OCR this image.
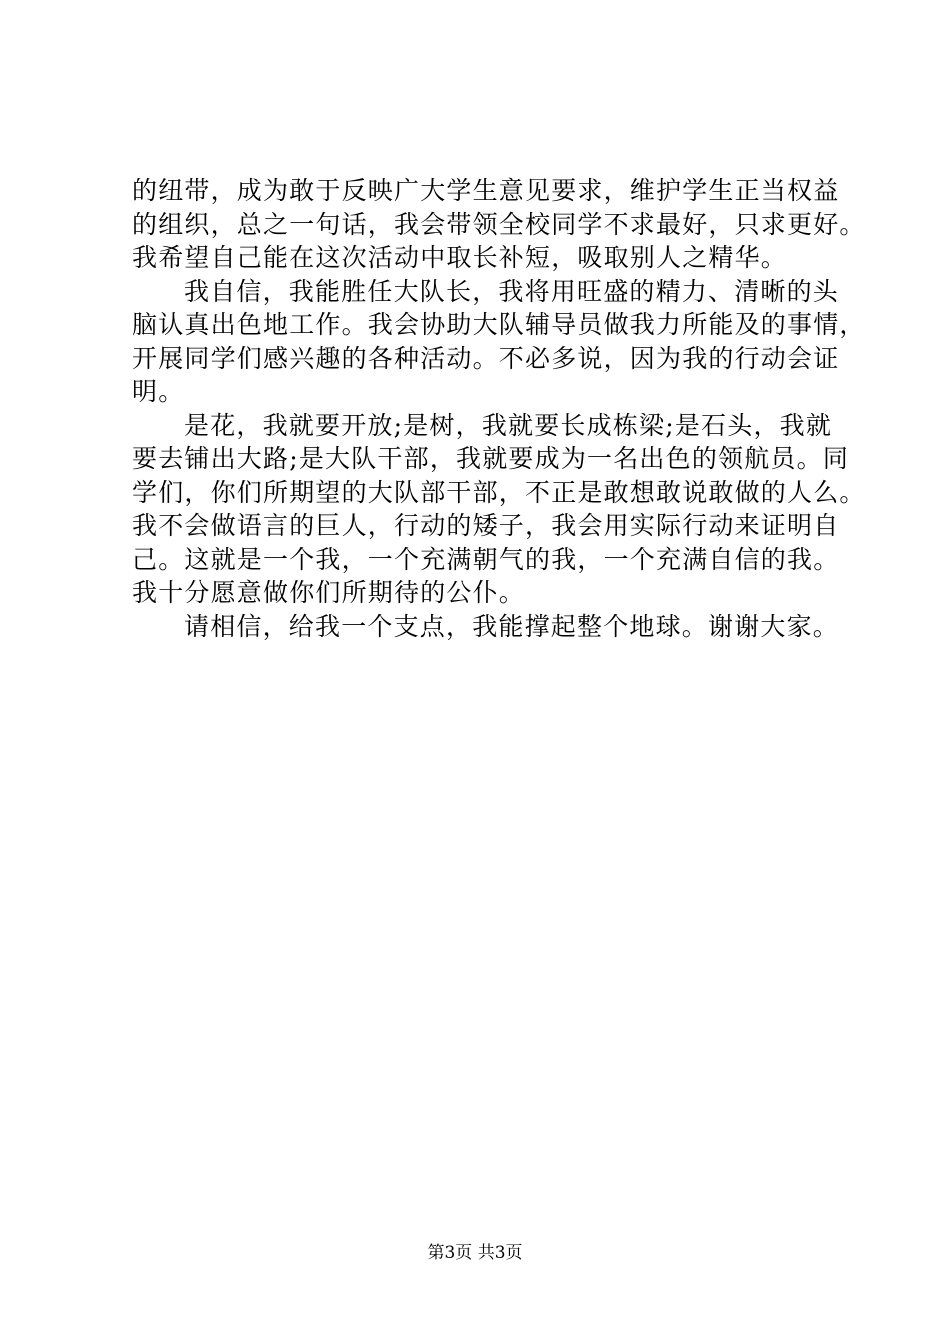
的纽带，成为敢于反映广大学生意见要求，维护学生正当权益
的组织，总之一句话，我会带领全校同学不求最好，只求更好。
我希望自己能在这次活动中取长补短，吸取别人之精华。
我自信，我能胜任大队长，我将用旺盛的精力、清晰的头
脑认真出色地工作。我会协助大队辅导员做我力所能及的事情，
开展同学们感兴趣的各种活动。不必多说，因为我的行动会证
明。
是花，我就要开放;是树，我就要长成栋梁;是石头，我就
要去铺出大路;是大队干部，我就要成为一名出色的领航员。同
学们，你们所期望的大队部干部，不正是敢想敢说敢做的人么。
我不会做语言的巨人，行动的矮子，我会用实际行动来证明自
己。这就是一个我，一个充满朝气的我，一个充满自信的我。
我十分愿意做你们所期待的公仆。
请相信，给我一个支点，我能撑起整个地球。谢谢大家。
第3页 共3页
